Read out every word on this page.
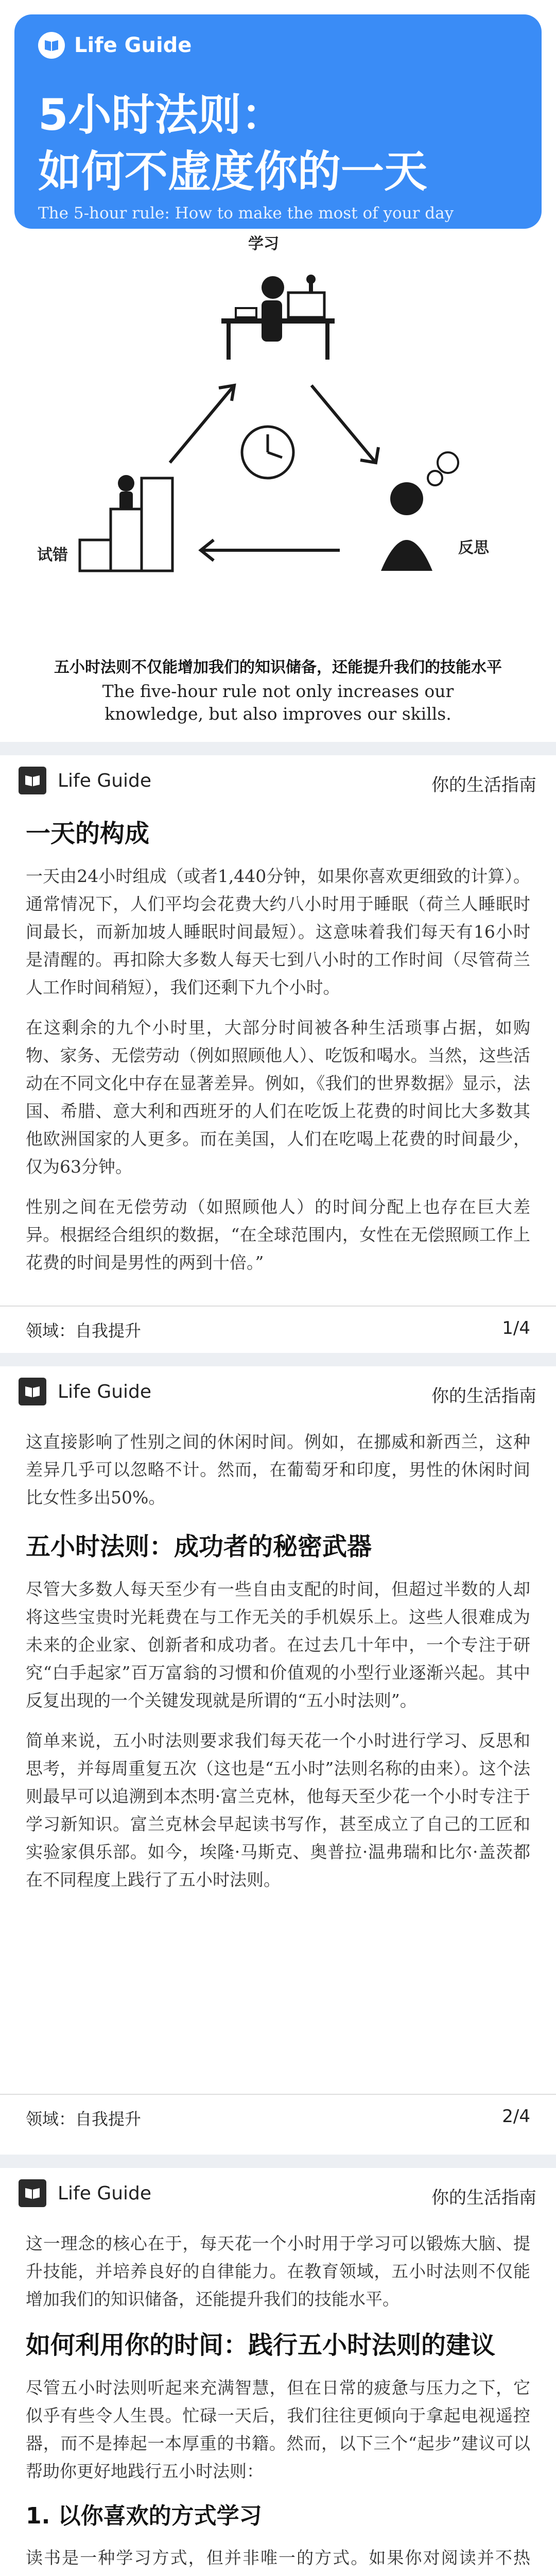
Life Guide
5小时法则：
如何不虚度你的一天
The 5-hour rule: How to make the most of your day
学习
试错	反思
五小时法则不仅能增加我们的知识储备，还能提升我们的技能水平
The five-hour rule not only increases our knowledge, but also improves our skills.
Life Guide	你的生活指南
一天的构成

一天由24小时组成（或者1,440分钟，如果你喜欢更细致的计算）。通常情况下，人们平均会花费大约八小时用于睡眠（荷兰人睡眠时间最长，而新加坡人睡眠时间最短）。这意味着我们每天有16小时是清醒的。再扣除大多数人每天七到八小时的工作时间（尽管荷兰人工作时间稍短），我们还剩下九个小时。

在这剩余的九个小时里，大部分时间被各种生活琐事占据，如购物、家务、无偿劳动（例如照顾他人）、吃饭和喝水。当然，这些活动在不同文化中存在显著差异。例如，《我们的世界数据》显示，法国、希腊、意大利和西班牙的人们在吃饭上花费的时间比大多数其他欧洲国家的人更多。而在美国，人们在吃喝上花费的时间最少，仅为63分钟。

性别之间在无偿劳动（如照顾他人）的时间分配上也存在巨大差异。根据经合组织的数据，“在全球范围内，女性在无偿照顾工作上花费的时间是男性的两到十倍。”

领域：自我提升	1/4
Life Guide	你的生活指南

这直接影响了性别之间的休闲时间。例如，在挪威和新西兰，这种差异几乎可以忽略不计。然而，在葡萄牙和印度，男性的休闲时间比女性多出50%。

五小时法则：成功者的秘密武器

尽管大多数人每天至少有一些自由支配的时间，但超过半数的人却将这些宝贵时光耗费在与工作无关的手机娱乐上。这些人很难成为未来的企业家、创新者和成功者。在过去几十年中，一个专注于研究“白手起家”百万富翁的习惯和价值观的小型行业逐渐兴起。其中反复出现的一个关键发现就是所谓的“五小时法则”。

简单来说，五小时法则要求我们每天花一个小时进行学习、反思和思考，并每周重复五次（这也是“五小时”法则名称的由来）。这个法则最早可以追溯到本杰明·富兰克林，他每天至少花一个小时专注于学习新知识。富兰克林会早起读书写作，甚至成立了自己的工匠和实验家俱乐部。如今，埃隆·马斯克、奥普拉·温弗瑞和比尔·盖茨都在不同程度上践行了五小时法则。

领域：自我提升	2/4
Life Guide	你的生活指南

这一理念的核心在于，每天花一个小时用于学习可以锻炼大脑、提升技能，并培养良好的自律能力。在教育领域，五小时法则不仅能增加我们的知识储备，还能提升我们的技能水平。

如何利用你的时间：践行五小时法则的建议

尽管五小时法则听起来充满智慧，但在日常的疲惫与压力之下，它似乎有些令人生畏。忙碌一天后，我们往往更倾向于拿起电视遥控器，而不是捧起一本厚重的书籍。然而，以下三个“起步”建议可以帮助你更好地践行五小时法则：

1. 以你喜欢的方式学习

读书是一种学习方式，但并非唯一的方式。如果你对阅读并不热
